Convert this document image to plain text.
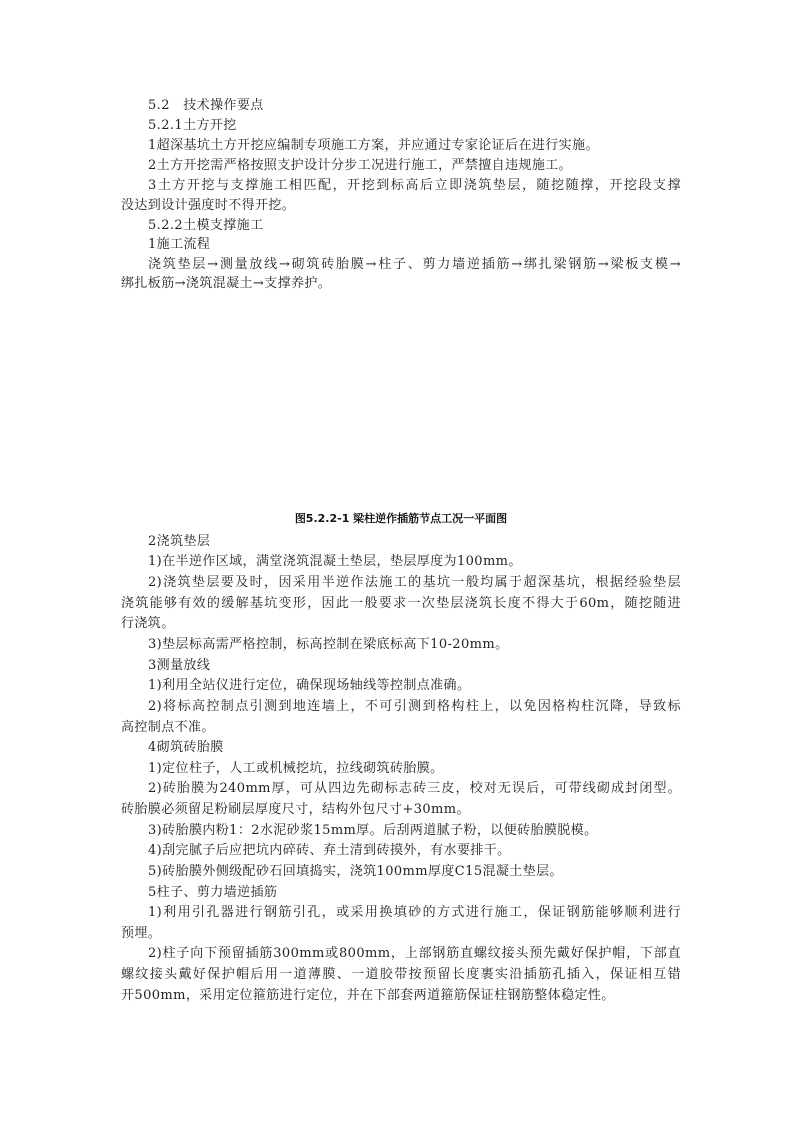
5.2　技术操作要点
5.2.1土方开挖
1超深基坑土方开挖应编制专项施工方案，并应通过专家论证后在进行实施。
2土方开挖需严格按照支护设计分步工况进行施工，严禁擅自违规施工。
3土方开挖与支撑施工相匹配，开挖到标高后立即浇筑垫层，随挖随撑，开挖段支撑
没达到设计强度时不得开挖。
5.2.2土模支撑施工
1施工流程
浇筑垫层→测量放线→砌筑砖胎膜→柱子、剪力墙逆插筋→绑扎梁钢筋→梁板支模→
绑扎板筋→浇筑混凝土→支撑养护。
图5.2.2-1 梁柱逆作插筋节点工况一平面图
2浇筑垫层
1)在半逆作区域，满堂浇筑混凝土垫层，垫层厚度为100mm。
2)浇筑垫层要及时，因采用半逆作法施工的基坑一般均属于超深基坑，根据经验垫层
浇筑能够有效的缓解基坑变形，因此一般要求一次垫层浇筑长度不得大于60m，随挖随进
行浇筑。
3)垫层标高需严格控制，标高控制在梁底标高下10-20mm。
3测量放线
1)利用全站仪进行定位，确保现场轴线等控制点准确。
2)将标高控制点引测到地连墙上，不可引测到格构柱上，以免因格构柱沉降，导致标
高控制点不准。
4砌筑砖胎膜
1)定位柱子，人工或机械挖坑，拉线砌筑砖胎膜。
2)砖胎膜为240mm厚，可从四边先砌标志砖三皮，校对无误后，可带线砌成封闭型。
砖胎膜必须留足粉刷层厚度尺寸，结构外包尺寸+30mm。
3)砖胎膜内粉1：2水泥砂浆15mm厚。后刮两道腻子粉，以便砖胎膜脱模。
4)刮完腻子后应把坑内碎砖、弃土清到砖摸外，有水要排干。
5)砖胎膜外侧级配砂石回填捣实，浇筑100mm厚度C15混凝土垫层。
5柱子、剪力墙逆插筋
1)利用引孔器进行钢筋引孔，或采用换填砂的方式进行施工，保证钢筋能够顺利进行
预埋。
2)柱子向下预留插筋300mm或800mm，上部钢筋直螺纹接头预先戴好保护帽，下部直
螺纹接头戴好保护帽后用一道薄膜、一道胶带按预留长度裹实沿插筋孔插入，保证相互错
开500mm，采用定位箍筋进行定位，并在下部套两道箍筋保证柱钢筋整体稳定性。
